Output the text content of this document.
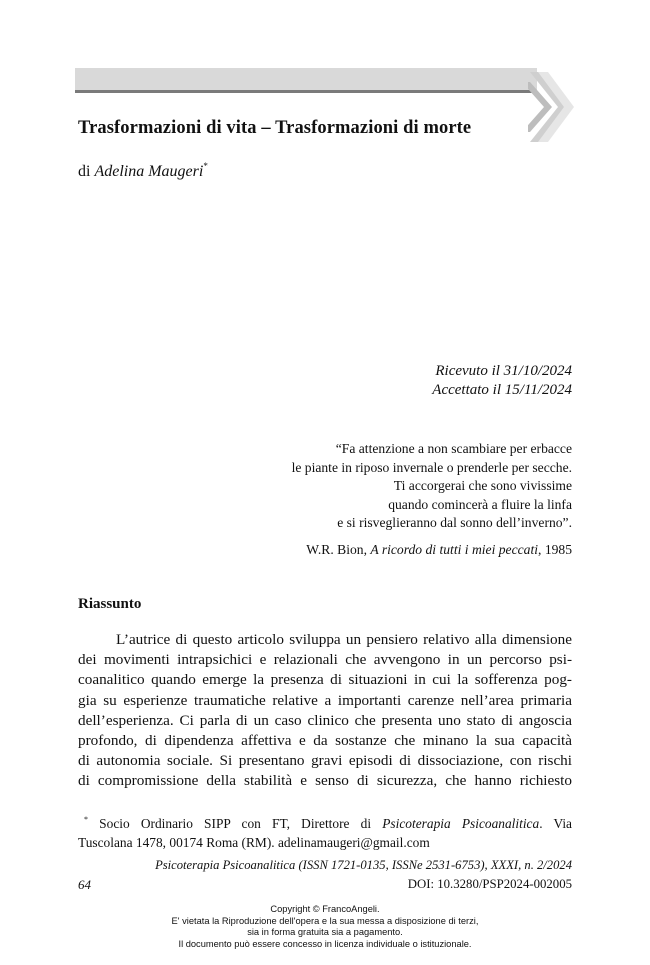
Trasformazioni di vita – Trasformazioni di morte
di Adelina Maugeri*
Ricevuto il 31/10/2024
Accettato il 15/11/2024
“Fa attenzione a non scambiare per erbacce
le piante in riposo invernale o prenderle per secche.
Ti accorgerai che sono vivissime
quando comincerà a fluire la linfa
e si risveglieranno dal sonno dell’inverno”.
W.R. Bion, A ricordo di tutti i miei peccati, 1985
Riassunto
L’autrice di questo articolo sviluppa un pensiero relativo alla dimensione
dei movimenti intrapsichici e relazionali che avvengono in un percorso psi-
coanalitico quando emerge la presenza di situazioni in cui la sofferenza pog-
gia su esperienze traumatiche relative a importanti carenze nell’area primaria
dell’esperienza. Ci parla di un caso clinico che presenta uno stato di angoscia
profondo, di dipendenza affettiva e da sostanze che minano la sua capacità
di autonomia sociale. Si presentano gravi episodi di dissociazione, con rischi
di compromissione della stabilità e senso di sicurezza, che hanno richiesto
* Socio Ordinario SIPP con FT, Direttore di Psicoterapia Psicoanalitica. Via
Tuscolana 1478, 00174 Roma (RM). adelinamaugeri@gmail.com
Psicoterapia Psicoanalitica (ISSN 1721-0135, ISSNe 2531-6753), XXXI, n. 2/2024
64	DOI: 10.3280/PSP2024-002005
Copyright © FrancoAngeli.
E' vietata la Riproduzione dell'opera e la sua messa a disposizione di terzi,
sia in forma gratuita sia a pagamento.
Il documento può essere concesso in licenza individuale o istituzionale.
